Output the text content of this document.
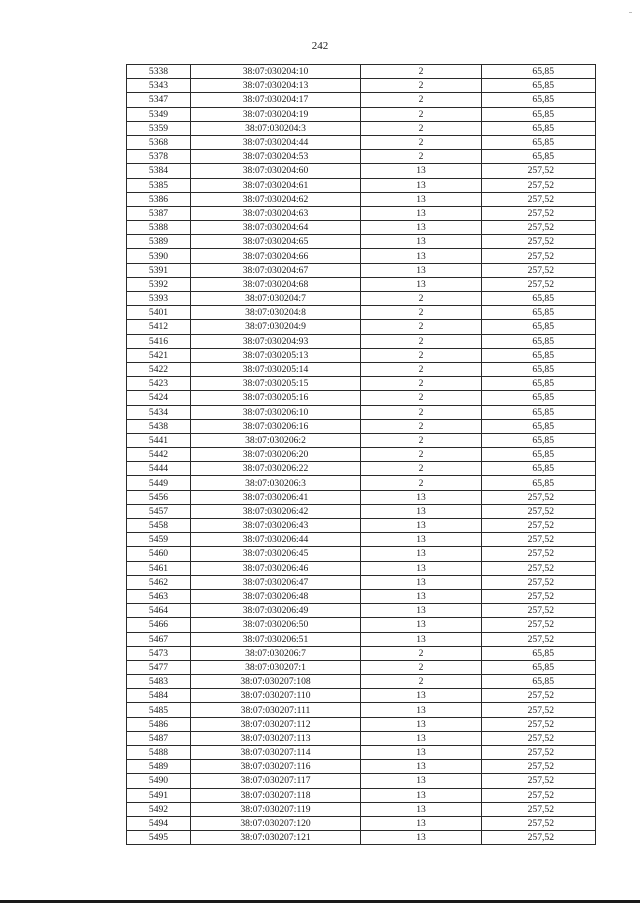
242
5338	38:07:030204:10	2	65,85
5343	38:07:030204:13	2	65,85
5347	38:07:030204:17	2	65,85
5349	38:07:030204:19	2	65,85
5359	38:07:030204:3	2	65,85
5368	38:07:030204:44	2	65,85
5378	38:07:030204:53	2	65,85
5384	38:07:030204:60	13	257,52
5385	38:07:030204:61	13	257,52
5386	38:07:030204:62	13	257,52
5387	38:07:030204:63	13	257,52
5388	38:07:030204:64	13	257,52
5389	38:07:030204:65	13	257,52
5390	38:07:030204:66	13	257,52
5391	38:07:030204:67	13	257,52
5392	38:07:030204:68	13	257,52
5393	38:07:030204:7	2	65,85
5401	38:07:030204:8	2	65,85
5412	38:07:030204:9	2	65,85
5416	38:07:030204:93	2	65,85
5421	38:07:030205:13	2	65,85
5422	38:07:030205:14	2	65,85
5423	38:07:030205:15	2	65,85
5424	38:07:030205:16	2	65,85
5434	38:07:030206:10	2	65,85
5438	38:07:030206:16	2	65,85
5441	38:07:030206:2	2	65,85
5442	38:07:030206:20	2	65,85
5444	38:07:030206:22	2	65,85
5449	38:07:030206:3	2	65,85
5456	38:07:030206:41	13	257,52
5457	38:07:030206:42	13	257,52
5458	38:07:030206:43	13	257,52
5459	38:07:030206:44	13	257,52
5460	38:07:030206:45	13	257,52
5461	38:07:030206:46	13	257,52
5462	38:07:030206:47	13	257,52
5463	38:07:030206:48	13	257,52
5464	38:07:030206:49	13	257,52
5466	38:07:030206:50	13	257,52
5467	38:07:030206:51	13	257,52
5473	38:07:030206:7	2	65,85
5477	38:07:030207:1	2	65,85
5483	38:07:030207:108	2	65,85
5484	38:07:030207:110	13	257,52
5485	38:07:030207:111	13	257,52
5486	38:07:030207:112	13	257,52
5487	38:07:030207:113	13	257,52
5488	38:07:030207:114	13	257,52
5489	38:07:030207:116	13	257,52
5490	38:07:030207:117	13	257,52
5491	38:07:030207:118	13	257,52
5492	38:07:030207:119	13	257,52
5494	38:07:030207:120	13	257,52
5495	38:07:030207:121	13	257,52
